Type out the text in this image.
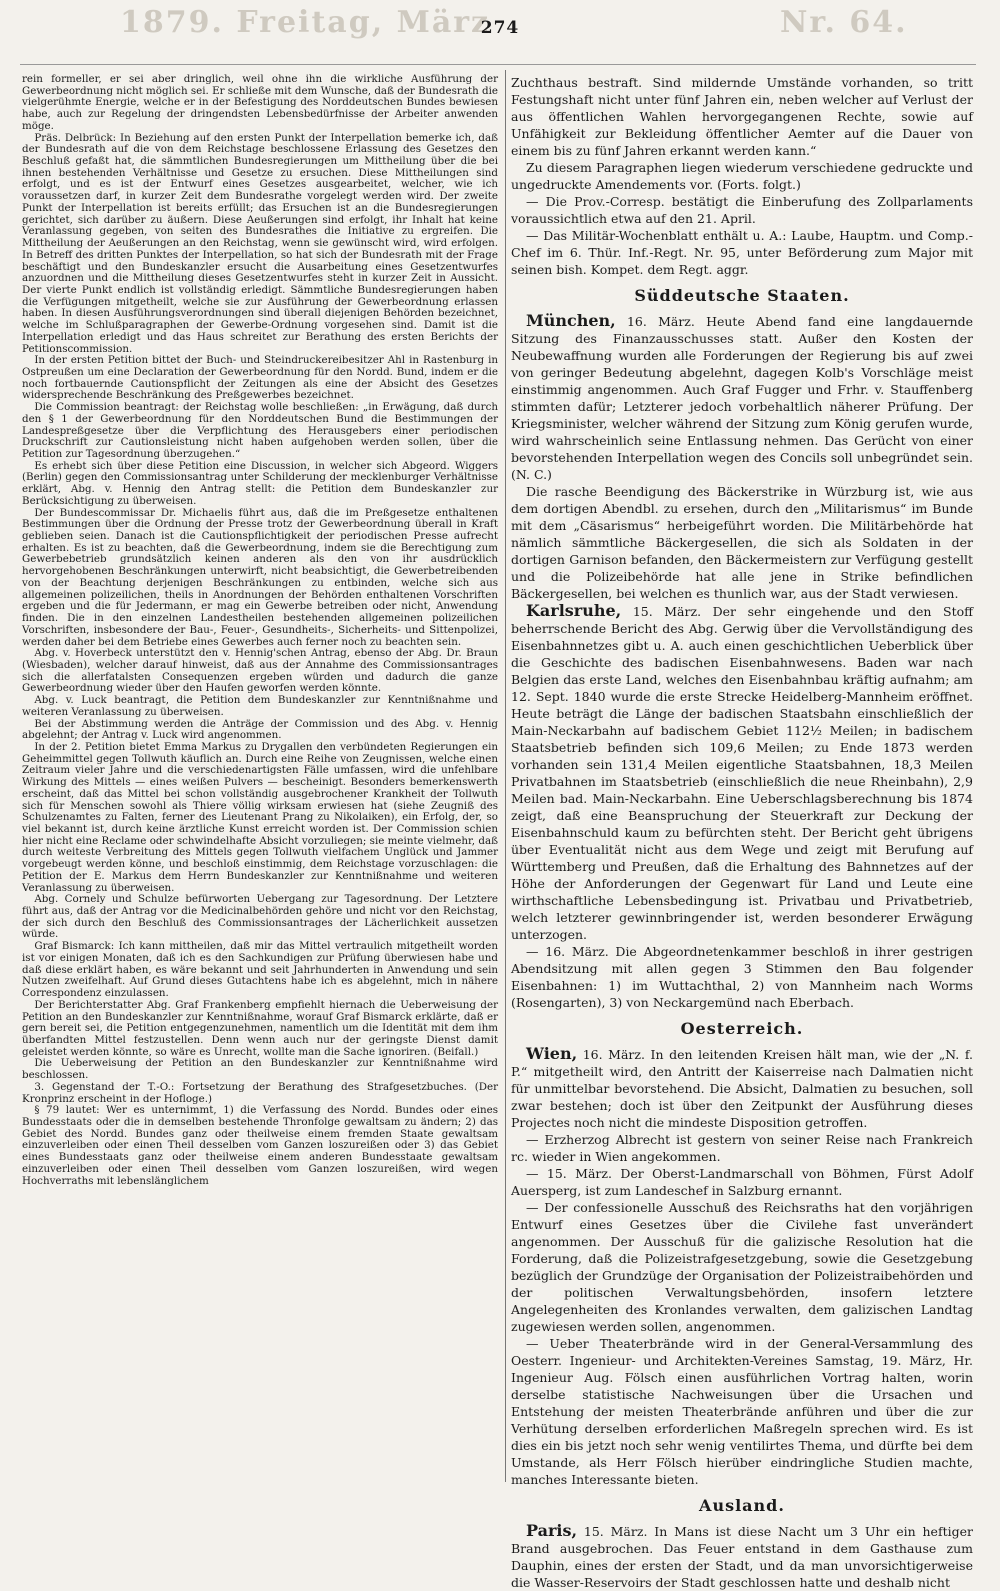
1879. Freitag, März	Nr. 64.
274

rein formeller, er sei aber dringlich, weil ohne ihn die wirkliche Ausführung der Gewerbeordnung nicht möglich sei. Er schließe mit dem Wunsche, daß der Bundesrath die vielgerühmte Energie, welche er in der Befestigung des Norddeutschen Bundes bewiesen habe, auch zur Regelung der dringendsten Lebensbedürfnisse der Arbeiter anwenden möge.

Präs. Delbrück: In Beziehung auf den ersten Punkt der Interpellation bemerke ich, daß der Bundesrath auf die von dem Reichstage beschlossene Erlassung des Gesetzes den Beschluß gefaßt hat, die sämmtlichen Bundesregierungen um Mittheilung über die bei ihnen bestehenden Verhältnisse und Gesetze zu ersuchen. Diese Mittheilungen sind erfolgt, und es ist der Entwurf eines Gesetzes ausgearbeitet, welcher, wie ich voraussetzen darf, in kurzer Zeit dem Bundesrathe vorgelegt werden wird. Der zweite Punkt der Interpellation ist bereits erfüllt; das Ersuchen ist an die Bundesregierungen gerichtet, sich darüber zu äußern. Diese Aeußerungen sind erfolgt, ihr Inhalt hat keine Veranlassung gegeben, von seiten des Bundesrathes die Initiative zu ergreifen. Die Mittheilung der Aeußerungen an den Reichstag, wenn sie gewünscht wird, wird erfolgen. In Betreff des dritten Punktes der Interpellation, so hat sich der Bundesrath mit der Frage beschäftigt und den Bundeskanzler ersucht die Ausarbeitung eines Gesetzentwurfes anzuordnen und die Mittheilung dieses Gesetzentwurfes steht in kurzer Zeit in Aussicht. Der vierte Punkt endlich ist vollständig erledigt. Sämmtliche Bundesregierungen haben die Verfügungen mitgetheilt, welche sie zur Ausführung der Gewerbeordnung erlassen haben. In diesen Ausführungsverordnungen sind überall diejenigen Behörden bezeichnet, welche im Schlußparagraphen der Gewerbe-Ordnung vorgesehen sind. Damit ist die Interpellation erledigt und das Haus schreitet zur Berathung des ersten Berichts der Petitionscommission.

In der ersten Petition bittet der Buch- und Steindruckereibesitzer Ahl in Rastenburg in Ostpreußen um eine Declaration der Gewerbeordnung für den Nordd. Bund, indem er die noch fortbauernde Cautionspflicht der Zeitungen als eine der Absicht des Gesetzes widersprechende Beschränkung des Preßgewerbes bezeichnet.

Die Commission beantragt: der Reichstag wolle beschließen: „in Erwägung, daß durch den § 1 der Gewerbeordnung für den Norddeutschen Bund die Bestimmungen der Landespreßgesetze über die Verpflichtung des Herausgebers einer periodischen Druckschrift zur Cautionsleistung nicht haben aufgehoben werden sollen, über die Petition zur Tagesordnung überzugehen.“

Es erhebt sich über diese Petition eine Discussion, in welcher sich Abgeord. Wiggers (Berlin) gegen den Commissionsantrag unter Schilderung der mecklenburger Verhältnisse erklärt, Abg. v. Hennig den Antrag stellt: die Petition dem Bundeskanzler zur Berücksichtigung zu überweisen.

Der Bundescommissar Dr. Michaelis führt aus, daß die im Preßgesetze enthaltenen Bestimmungen über die Ordnung der Presse trotz der Gewerbeordnung überall in Kraft geblieben seien. Danach ist die Cautionspflichtigkeit der periodischen Presse aufrecht erhalten. Es ist zu beachten, daß die Gewerbeordnung, indem sie die Berechtigung zum Gewerbebetrieb grundsätzlich keinen anderen als den von ihr ausdrücklich hervorgehobenen Beschränkungen unterwirft, nicht beabsichtigt, die Gewerbetreibenden von der Beachtung derjenigen Beschränkungen zu entbinden, welche sich aus allgemeinen polizeilichen, theils in Anordnungen der Behörden enthaltenen Vorschriften ergeben und die für Jedermann, er mag ein Gewerbe betreiben oder nicht, Anwendung finden. Die in den einzelnen Landestheilen bestehenden allgemeinen polizeilichen Vorschriften, insbesondere der Bau-, Feuer-, Gesundheits-, Sicherheits- und Sittenpolizei, werden daher bei dem Betriebe eines Gewerbes auch ferner noch zu beachten sein.

Abg. v. Hoverbeck unterstützt den v. Hennig'schen Antrag, ebenso der Abg. Dr. Braun (Wiesbaden), welcher darauf hinweist, daß aus der Annahme des Commissionsantrages sich die allerfatalsten Consequenzen ergeben würden und dadurch die ganze Gewerbeordnung wieder über den Haufen geworfen werden könnte.

Abg. v. Luck beantragt, die Petition dem Bundeskanzler zur Kenntnißnahme und weiteren Veranlassung zu überweisen.

Bei der Abstimmung werden die Anträge der Commission und des Abg. v. Hennig abgelehnt; der Antrag v. Luck wird angenommen.

In der 2. Petition bietet Emma Markus zu Drygallen den verbündeten Regierungen ein Geheimmittel gegen Tollwuth käuflich an. Durch eine Reihe von Zeugnissen, welche einen Zeitraum vieler Jahre und die verschiedenartigsten Fälle umfassen, wird die unfehlbare Wirkung des Mittels — eines weißen Pulvers — bescheinigt. Besonders bemerkenswerth erscheint, daß das Mittel bei schon vollständig ausgebrochener Krankheit der Tollwuth sich für Menschen sowohl als Thiere völlig wirksam erwiesen hat (siehe Zeugniß des Schulzenamtes zu Falten, ferner des Lieutenant Prang zu Nikolaiken), ein Erfolg, der, so viel bekannt ist, durch keine ärztliche Kunst erreicht worden ist. Der Commission schien hier nicht eine Reclame oder schwindelhafte Absicht vorzuliegen; sie meinte vielmehr, daß durch weiteste Verbreitung des Mittels gegen Tollwuth vielfachem Unglück und Jammer vorgebeugt werden könne, und beschloß einstimmig, dem Reichstage vorzuschlagen: die Petition der E. Markus dem Herrn Bundeskanzler zur Kenntnißnahme und weiteren Veranlassung zu überweisen.

Abg. Cornely und Schulze befürworten Uebergang zur Tagesordnung. Der Letztere führt aus, daß der Antrag vor die Medicinalbehörden gehöre und nicht vor den Reichstag, der sich durch den Beschluß des Commissionsantrages der Lächerlichkeit aussetzen würde.

Graf Bismarck: Ich kann mittheilen, daß mir das Mittel vertraulich mitgetheilt worden ist vor einigen Monaten, daß ich es den Sachkundigen zur Prüfung überwiesen habe und daß diese erklärt haben, es wäre bekannt und seit Jahrhunderten in Anwendung und sein Nutzen zweifelhaft. Auf Grund dieses Gutachtens habe ich es abgelehnt, mich in nähere Correspondenz einzulassen.

Der Berichterstatter Abg. Graf Frankenberg empfiehlt hiernach die Ueberweisung der Petition an den Bundeskanzler zur Kenntnißnahme, worauf Graf Bismarck erklärte, daß er gern bereit sei, die Petition entgegenzunehmen, namentlich um die Identität mit dem ihm überfandten Mittel festzustellen. Denn wenn auch nur der geringste Dienst damit geleistet werden könnte, so wäre es Unrecht, wollte man die Sache ignoriren. (Beifall.)

Die Ueberweisung der Petition an den Bundeskanzler zur Kenntnißnahme wird beschlossen.

3. Gegenstand der T.-O.: Fortsetzung der Berathung des Strafgesetzbuches. (Der Kronprinz erscheint in der Hofloge.)

§ 79 lautet: Wer es unternimmt, 1) die Verfassung des Nordd. Bundes oder eines Bundesstaats oder die in demselben bestehende Thronfolge gewaltsam zu ändern; 2) das Gebiet des Nordd. Bundes ganz oder theilweise einem fremden Staate gewaltsam einzuverleiben oder einen Theil desselben vom Ganzen loszureißen oder 3) das Gebiet eines Bundesstaats ganz oder theilweise einem anderen Bundesstaate gewaltsam einzuverleiben oder einen Theil desselben vom Ganzen loszureißen, wird wegen Hochverraths mit lebenslänglichem

Zuchthaus bestraft. Sind mildernde Umstände vorhanden, so tritt Festungshaft nicht unter fünf Jahren ein, neben welcher auf Verlust der aus öffentlichen Wahlen hervorgegangenen Rechte, sowie auf Unfähigkeit zur Bekleidung öffentlicher Aemter auf die Dauer von einem bis zu fünf Jahren erkannt werden kann.“

Zu diesem Paragraphen liegen wiederum verschiedene gedruckte und ungedruckte Amendements vor. (Forts. folgt.)

— Die Prov.-Corresp. bestätigt die Einberufung des Zollparlaments voraussichtlich etwa auf den 21. April.

— Das Militär-Wochenblatt enthält u. A.: Laube, Hauptm. und Comp.-Chef im 6. Thür. Inf.-Regt. Nr. 95, unter Beförderung zum Major mit seinen bish. Kompet. dem Regt. aggr.

Süddeutsche Staaten.

München, 16. März. Heute Abend fand eine langdauernde Sitzung des Finanzausschusses statt. Außer den Kosten der Neubewaffnung wurden alle Forderungen der Regierung bis auf zwei von geringer Bedeutung abgelehnt, dagegen Kolb's Vorschläge meist einstimmig angenommen. Auch Graf Fugger und Frhr. v. Stauffenberg stimmten dafür; Letzterer jedoch vorbehaltlich näherer Prüfung. Der Kriegsminister, welcher während der Sitzung zum König gerufen wurde, wird wahrscheinlich seine Entlassung nehmen. Das Gerücht von einer bevorstehenden Interpellation wegen des Concils soll unbegründet sein. (N. C.)

Die rasche Beendigung des Bäckerstrike in Würzburg ist, wie aus dem dortigen Abendbl. zu ersehen, durch den „Militarismus“ im Bunde mit dem „Cäsarismus“ herbeigeführt worden. Die Militärbehörde hat nämlich sämmtliche Bäckergesellen, die sich als Soldaten in der dortigen Garnison befanden, den Bäckermeistern zur Verfügung gestellt und die Polizeibehörde hat alle jene in Strike befindlichen Bäckergesellen, bei welchen es thunlich war, aus der Stadt verwiesen.

Karlsruhe, 15. März. Der sehr eingehende und den Stoff beherrschende Bericht des Abg. Gerwig über die Vervollständigung des Eisenbahnnetzes gibt u. A. auch einen geschichtlichen Ueberblick über die Geschichte des badischen Eisenbahnwesens. Baden war nach Belgien das erste Land, welches den Eisenbahnbau kräftig aufnahm; am 12. Sept. 1840 wurde die erste Strecke Heidelberg-Mannheim eröffnet. Heute beträgt die Länge der badischen Staatsbahn einschließlich der Main-Neckarbahn auf badischem Gebiet 112½ Meilen; in badischem Staatsbetrieb befinden sich 109,6 Meilen; zu Ende 1873 werden vorhanden sein 131,4 Meilen eigentliche Staatsbahnen, 18,3 Meilen Privatbahnen im Staatsbetrieb (einschließlich die neue Rheinbahn), 2,9 Meilen bad. Main-Neckarbahn. Eine Ueberschlagsberechnung bis 1874 zeigt, daß eine Beanspruchung der Steuerkraft zur Deckung der Eisenbahnschuld kaum zu befürchten steht. Der Bericht geht übrigens über Eventualität nicht aus dem Wege und zeigt mit Berufung auf Württemberg und Preußen, daß die Erhaltung des Bahnnetzes auf der Höhe der Anforderungen der Gegenwart für Land und Leute eine wirthschaftliche Lebensbedingung ist. Privatbau und Privatbetrieb, welch letzterer gewinnbringender ist, werden besonderer Erwägung unterzogen.

— 16. März. Die Abgeordnetenkammer beschloß in ihrer gestrigen Abendsitzung mit allen gegen 3 Stimmen den Bau folgender Eisenbahnen: 1) im Wuttachthal, 2) von Mannheim nach Worms (Rosengarten), 3) von Neckargemünd nach Eberbach.

Oesterreich.

Wien, 16. März. In den leitenden Kreisen hält man, wie der „N. f. P.“ mitgetheilt wird, den Antritt der Kaiserreise nach Dalmatien nicht für unmittelbar bevorstehend. Die Absicht, Dalmatien zu besuchen, soll zwar bestehen; doch ist über den Zeitpunkt der Ausführung dieses Projectes noch nicht die mindeste Disposition getroffen.

— Erzherzog Albrecht ist gestern von seiner Reise nach Frankreich rc. wieder in Wien angekommen.

— 15. März. Der Oberst-Landmarschall von Böhmen, Fürst Adolf Auersperg, ist zum Landeschef in Salzburg ernannt.

— Der confessionelle Ausschuß des Reichsraths hat den vorjährigen Entwurf eines Gesetzes über die Civilehe fast unverändert angenommen. Der Ausschuß für die galizische Resolution hat die Forderung, daß die Polizeistrafgesetzgebung, sowie die Gesetzgebung bezüglich der Grundzüge der Organisation der Polizeistraibehörden und der politischen Verwaltungsbehörden, insofern letztere Angelegenheiten des Kronlandes verwalten, dem galizischen Landtag zugewiesen werden sollen, angenommen.

— Ueber Theaterbrände wird in der General-Versammlung des Oesterr. Ingenieur- und Architekten-Vereines Samstag, 19. März, Hr. Ingenieur Aug. Fölsch einen ausführlichen Vortrag halten, worin derselbe statistische Nachweisungen über die Ursachen und Entstehung der meisten Theaterbrände anführen und über die zur Verhütung derselben erforderlichen Maßregeln sprechen wird. Es ist dies ein bis jetzt noch sehr wenig ventilirtes Thema, und dürfte bei dem Umstande, als Herr Fölsch hierüber eindringliche Studien machte, manches Interessante bieten.

Ausland.

Paris, 15. März. In Mans ist diese Nacht um 3 Uhr ein heftiger Brand ausgebrochen. Das Feuer entstand in dem Gasthause zum Dauphin, eines der ersten der Stadt, und da man unvorsichtigerweise die Wasser-Reservoirs der Stadt geschlossen hatte und deshalb nicht
